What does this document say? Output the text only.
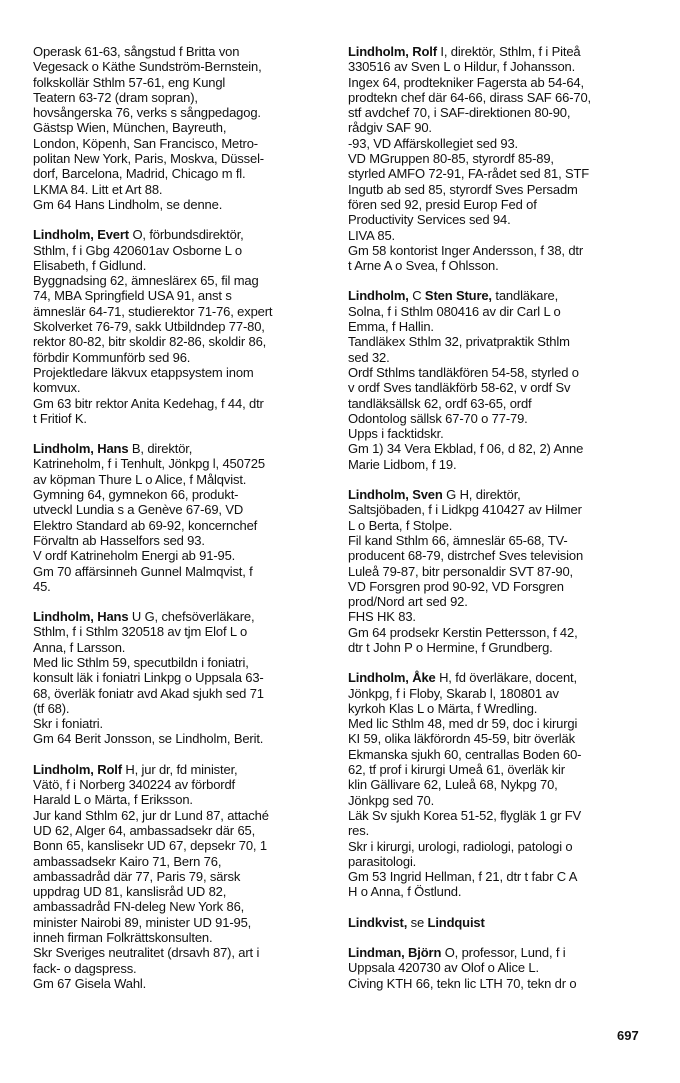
Operask 61-63, sångstud f Britta von
Vegesack o Käthe Sundström-Bernstein,
folkskollär Sthlm 57-61, eng Kungl
Teatern 63-72 (dram sopran),
hovsångerska 76, verks s sångpedagog.
Gästsp Wien, München, Bayreuth,
London, Köpenh, San Francisco, Metro-
politan New York, Paris, Moskva, Düssel-
dorf, Barcelona, Madrid, Chicago m fl.
LKMA 84. Litt et Art 88.
Gm 64 Hans Lindholm, se denne.
Lindholm, Evert O, förbundsdirektör,
Sthlm, f i Gbg 420601av Osborne L o
Elisabeth, f Gidlund.
Byggnadsing 62, ämneslärex 65, fil mag
74, MBA Springfield USA 91, anst s
ämneslär 64-71, studierektor 71-76, expert
Skolverket 76-79, sakk Utbildndep 77-80,
rektor 80-82, bitr skoldir 82-86, skoldir 86,
förbdir Kommunförb sed 96.
Projektledare läkvux etappsystem inom
komvux.
Gm 63 bitr rektor Anita Kedehag, f 44, dtr
t Fritiof K.
Lindholm, Hans B, direktör,
Katrineholm, f i Tenhult, Jönkpg l, 450725
av köpman Thure L o Alice, f Målqvist.
Gymning 64, gymnekon 66, produkt-
utveckl Lundia s a Genève 67-69, VD
Elektro Standard ab 69-92, koncernchef
Förvaltn ab Hasselfors sed 93.
V ordf Katrineholm Energi ab 91-95.
Gm 70 affärsinneh Gunnel Malmqvist, f
45.
Lindholm, Hans U G, chefsöverläkare,
Sthlm, f i Sthlm 320518 av tjm Elof L o
Anna, f Larsson.
Med lic Sthlm 59, specutbildn i foniatri,
konsult läk i foniatri Linkpg o Uppsala 63-
68, överläk foniatr avd Akad sjukh sed 71
(tf 68).
Skr i foniatri.
Gm 64 Berit Jonsson, se Lindholm, Berit.
Lindholm, Rolf H, jur dr, fd minister,
Vätö, f i Norberg 340224 av förbordf
Harald L o Märta, f Eriksson.
Jur kand Sthlm 62, jur dr Lund 87, attaché
UD 62, Alger 64, ambassadsekr där 65,
Bonn 65, kanslisekr UD 67, depsekr 70, 1
ambassadsekr Kairo 71, Bern 76,
ambassadråd där 77, Paris 79, särsk
uppdrag UD 81, kanslisråd UD 82,
ambassadråd FN-deleg New York 86,
minister Nairobi 89, minister UD 91-95,
inneh firman Folkrättskonsulten.
Skr Sveriges neutralitet (drsavh 87), art i
fack- o dagspress.
Gm 67 Gisela Wahl.
Lindholm, Rolf I, direktör, Sthlm, f i Piteå
330516 av Sven L o Hildur, f Johansson.
Ingex 64, prodtekniker Fagersta ab 54-64,
prodtekn chef där 64-66, dirass SAF 66-70,
stf avdchef 70, i SAF-direktionen 80-90,
rådgiv SAF 90.
-93, VD Affärskollegiet sed 93.
VD MGruppen 80-85, styrordf 85-89,
styrled AMFO 72-91, FA-rådet sed 81, STF
Ingutb ab sed 85, styrordf Sves Persadm
fören sed 92, presid Europ Fed of
Productivity Services sed 94.
LIVA 85.
Gm 58 kontorist Inger Andersson, f 38, dtr
t Arne A o Svea, f Ohlsson.
Lindholm, C Sten Sture, tandläkare,
Solna, f i Sthlm 080416 av dir Carl L o
Emma, f Hallin.
Tandläkex Sthlm 32, privatpraktik Sthlm
sed 32.
Ordf Sthlms tandläkfören 54-58, styrled o
v ordf Sves tandläkförb 58-62, v ordf Sv
tandläksällsk 62, ordf 63-65, ordf
Odontolog sällsk 67-70 o 77-79.
Upps i facktidskr.
Gm 1) 34 Vera Ekblad, f 06, d 82, 2) Anne
Marie Lidbom, f 19.
Lindholm, Sven G H, direktör,
Saltsjöbaden, f i Lidkpg 410427 av Hilmer
L o Berta, f Stolpe.
Fil kand Sthlm 66, ämneslär 65-68, TV-
producent 68-79, distrchef Sves television
Luleå 79-87, bitr personaldir SVT 87-90,
VD Forsgren prod 90-92, VD Forsgren
prod/Nord art sed 92.
FHS HK 83.
Gm 64 prodsekr Kerstin Pettersson, f 42,
dtr t John P o Hermine, f Grundberg.
Lindholm, Åke H, fd överläkare, docent,
Jönkpg, f i Floby, Skarab l, 180801 av
kyrkoh Klas L o Märta, f Wredling.
Med lic Sthlm 48, med dr 59, doc i kirurgi
KI 59, olika läkförordn 45-59, bitr överläk
Ekmanska sjukh 60, centrallas Boden 60-
62, tf prof i kirurgi Umeå 61, överläk kir
klin Gällivare 62, Luleå 68, Nykpg 70,
Jönkpg sed 70.
Läk Sv sjukh Korea 51-52, flygläk 1 gr FV
res.
Skr i kirurgi, urologi, radiologi, patologi o
parasitologi.
Gm 53 Ingrid Hellman, f 21, dtr t fabr C A
H o Anna, f Östlund.
Lindkvist, se Lindquist
Lindman, Björn O, professor, Lund, f i
Uppsala 420730 av Olof o Alice L.
Civing KTH 66, tekn lic LTH 70, tekn dr o
697
